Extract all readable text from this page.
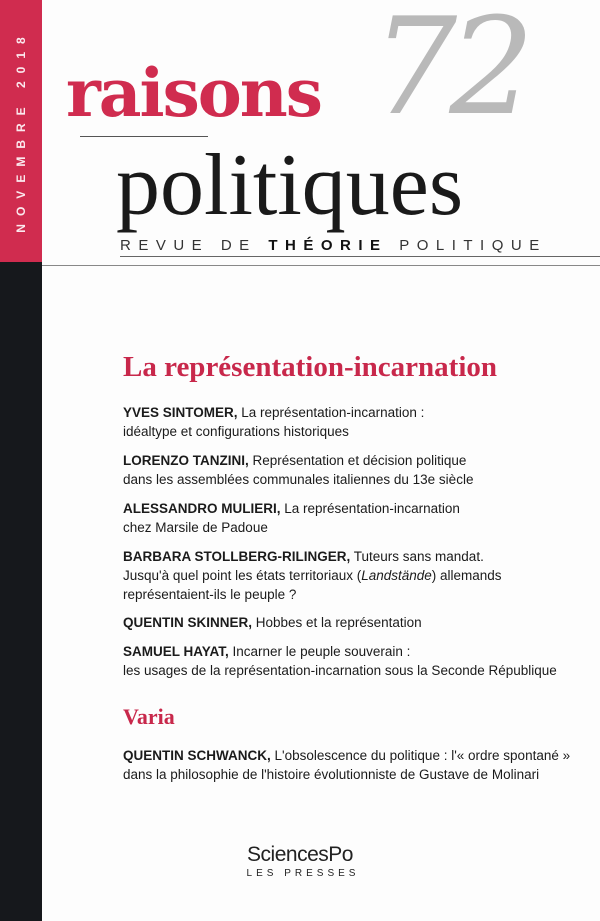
NOVEMBRE 2018	72
raisons
politiques
REVUE DE THÉORIE POLITIQUE
La représentation-incarnation
YVES SINTOMER, La représentation-incarnation :
idéaltype et configurations historiques
LORENZO TANZINI, Représentation et décision politique
dans les assemblées communales italiennes du 13e siècle
ALESSANDRO MULIERI, La représentation-incarnation
chez Marsile de Padoue
BARBARA STOLLBERG-RILINGER, Tuteurs sans mandat.
Jusqu'à quel point les états territoriaux (Landstände) allemands
représentaient-ils le peuple ?
QUENTIN SKINNER, Hobbes et la représentation
SAMUEL HAYAT, Incarner le peuple souverain :
les usages de la représentation-incarnation sous la Seconde République
Varia
QUENTIN SCHWANCK, L'obsolescence du politique : l'« ordre spontané »
dans la philosophie de l'histoire évolutionniste de Gustave de Molinari
SciencesPo
LES PRESSES
